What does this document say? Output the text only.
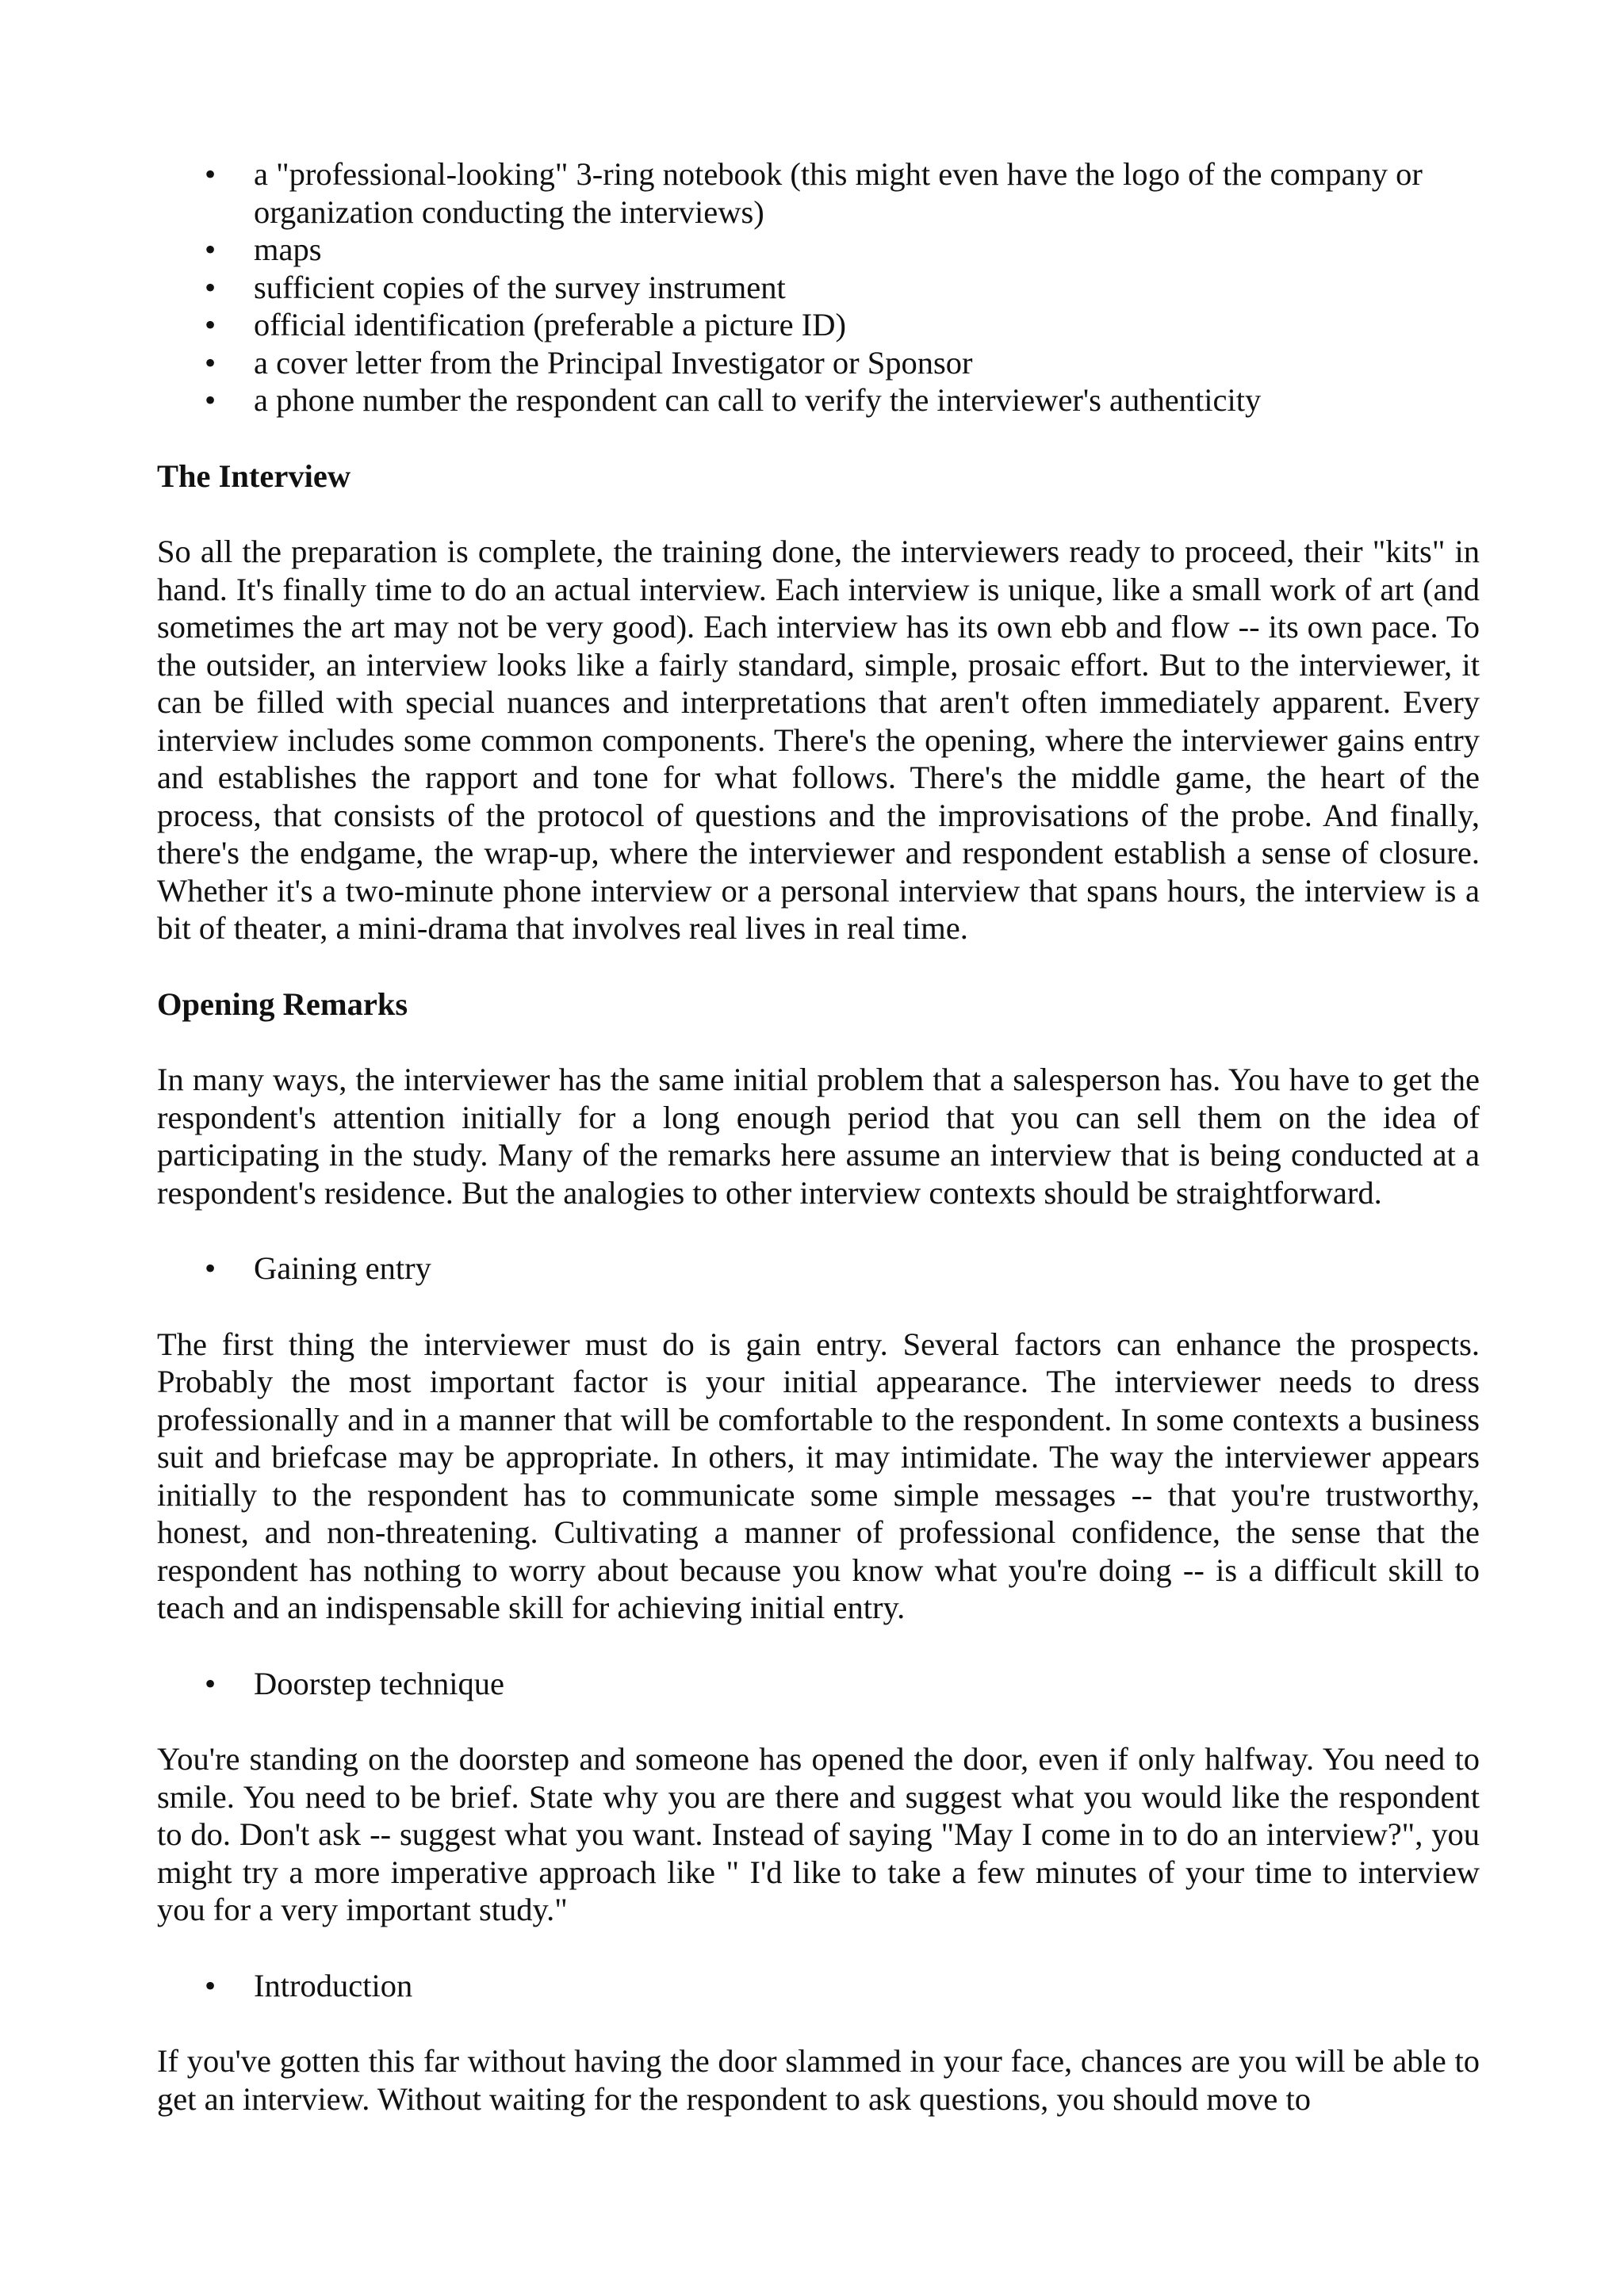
•	a "professional-looking" 3-ring notebook (this might even have the logo of the company or organization conducting the interviews)
•	maps
•	sufficient copies of the survey instrument
•	official identification (preferable a picture ID)
•	a cover letter from the Principal Investigator or Sponsor
•	a phone number the respondent can call to verify the interviewer's authenticity

The Interview

So all the preparation is complete, the training done, the interviewers ready to proceed, their "kits" in hand. It's finally time to do an actual interview. Each interview is unique, like a small work of art (and sometimes the art may not be very good). Each interview has its own ebb and flow -- its own pace. To the outsider, an interview looks like a fairly standard, simple, prosaic effort. But to the interviewer, it can be filled with special nuances and interpretations that aren't often immediately apparent. Every interview includes some common components. There's the opening, where the interviewer gains entry and establishes the rapport and tone for what follows. There's the middle game, the heart of the process, that consists of the protocol of questions and the improvisations of the probe. And finally, there's the endgame, the wrap-up, where the interviewer and respondent establish a sense of closure. Whether it's a two-minute phone interview or a personal interview that spans hours, the interview is a bit of theater, a mini-drama that involves real lives in real time.

Opening Remarks

In many ways, the interviewer has the same initial problem that a salesperson has. You have to get the respondent's attention initially for a long enough period that you can sell them on the idea of participating in the study. Many of the remarks here assume an interview that is being conducted at a respondent's residence. But the analogies to other interview contexts should be straightforward.

•	Gaining entry

The first thing the interviewer must do is gain entry. Several factors can enhance the prospects. Probably the most important factor is your initial appearance. The interviewer needs to dress professionally and in a manner that will be comfortable to the respondent. In some contexts a business suit and briefcase may be appropriate. In others, it may intimidate. The way the interviewer appears initially to the respondent has to communicate some simple messages -- that you're trustworthy, honest, and non-threatening. Cultivating a manner of professional confidence, the sense that the respondent has nothing to worry about because you know what you're doing -- is a difficult skill to teach and an indispensable skill for achieving initial entry.

•	Doorstep technique

You're standing on the doorstep and someone has opened the door, even if only halfway. You need to smile. You need to be brief. State why you are there and suggest what you would like the respondent to do. Don't ask -- suggest what you want. Instead of saying "May I come in to do an interview?", you might try a more imperative approach like " I'd like to take a few minutes of your time to interview you for a very important study."

•	Introduction

If you've gotten this far without having the door slammed in your face, chances are you will be able to get an interview. Without waiting for the respondent to ask questions, you should move to
